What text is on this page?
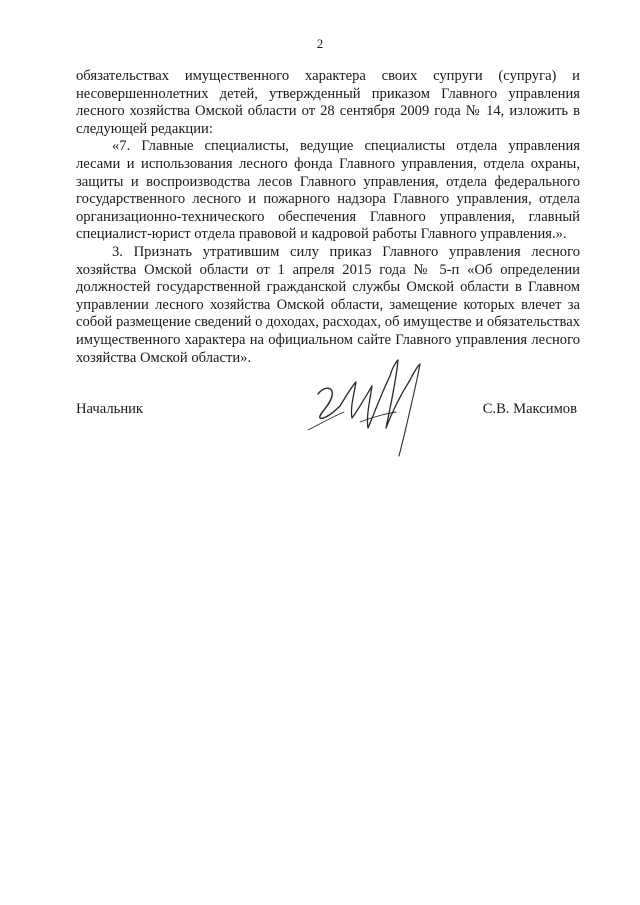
2

обязательствах имущественного характера своих супруги (супруга) и несовершеннолетних детей, утвержденный приказом Главного управления лесного хозяйства Омской области от 28 сентября 2009 года № 14, изложить в следующей редакции:

«7. Главные специалисты, ведущие специалисты отдела управления лесами и использования лесного фонда Главного управления, отдела охраны, защиты и воспроизводства лесов Главного управления, отдела федерального государственного лесного и пожарного надзора Главного управления, отдела организационно-технического обеспечения Главного управления, главный специалист-юрист отдела правовой и кадровой работы Главного управления.».

3. Признать утратившим силу приказ Главного управления лесного хозяйства Омской области от 1 апреля 2015 года № 5-п «Об определении должностей государственной гражданской службы Омской области в Главном управлении лесного хозяйства Омской области, замещение которых влечет за собой размещение сведений о доходах, расходах, об имуществе и обязательствах имущественного характера на официальном сайте Главного управления лесного хозяйства Омской области».

Начальник	С.В. Максимов
